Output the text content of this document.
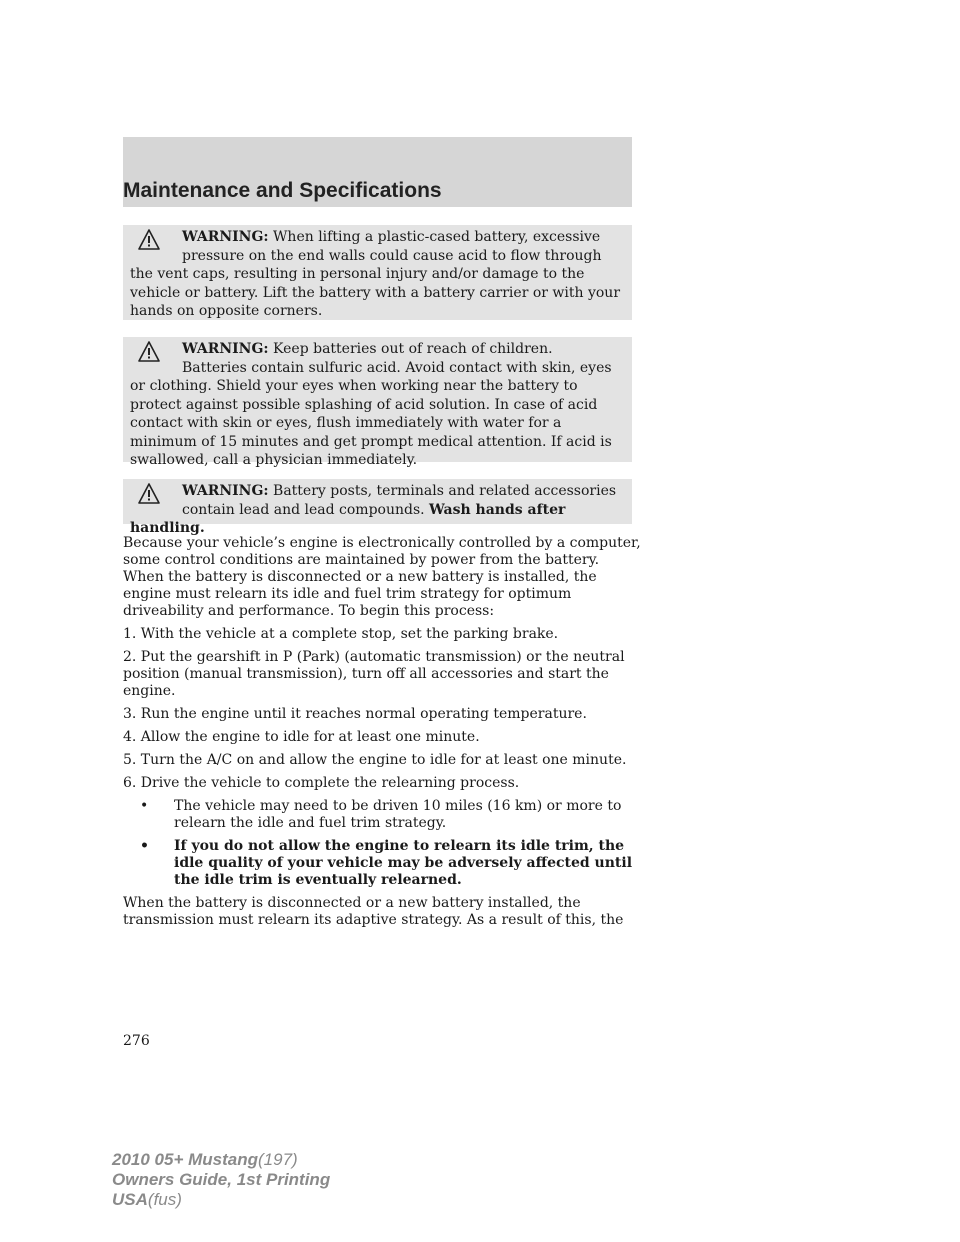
Maintenance and Specifications
WARNING: When lifting a plastic-cased battery, excessive pressure on the end walls could cause acid to flow through the vent caps, resulting in personal injury and/or damage to the vehicle or battery. Lift the battery with a battery carrier or with your hands on opposite corners.
WARNING: Keep batteries out of reach of children. Batteries contain sulfuric acid. Avoid contact with skin, eyes or clothing. Shield your eyes when working near the battery to protect against possible splashing of acid solution. In case of acid contact with skin or eyes, flush immediately with water for a minimum of 15 minutes and get prompt medical attention. If acid is swallowed, call a physician immediately.
WARNING: Battery posts, terminals and related accessories contain lead and lead compounds. Wash hands after handling.

Because your vehicle’s engine is electronically controlled by a computer, some control conditions are maintained by power from the battery. When the battery is disconnected or a new battery is installed, the engine must relearn its idle and fuel trim strategy for optimum driveability and performance. To begin this process:

1. With the vehicle at a complete stop, set the parking brake.

2. Put the gearshift in P (Park) (automatic transmission) or the neutral position (manual transmission), turn off all accessories and start the engine.

3. Run the engine until it reaches normal operating temperature.

4. Allow the engine to idle for at least one minute.

5. Turn the A/C on and allow the engine to idle for at least one minute.

6. Drive the vehicle to complete the relearning process.

• The vehicle may need to be driven 10 miles (16 km) or more to relearn the idle and fuel trim strategy.
• If you do not allow the engine to relearn its idle trim, the idle quality of your vehicle may be adversely affected until the idle trim is eventually relearned.

When the battery is disconnected or a new battery installed, the transmission must relearn its adaptive strategy. As a result of this, the

276
2010 05+ Mustang(197)
Owners Guide, 1st Printing
USA(fus)
